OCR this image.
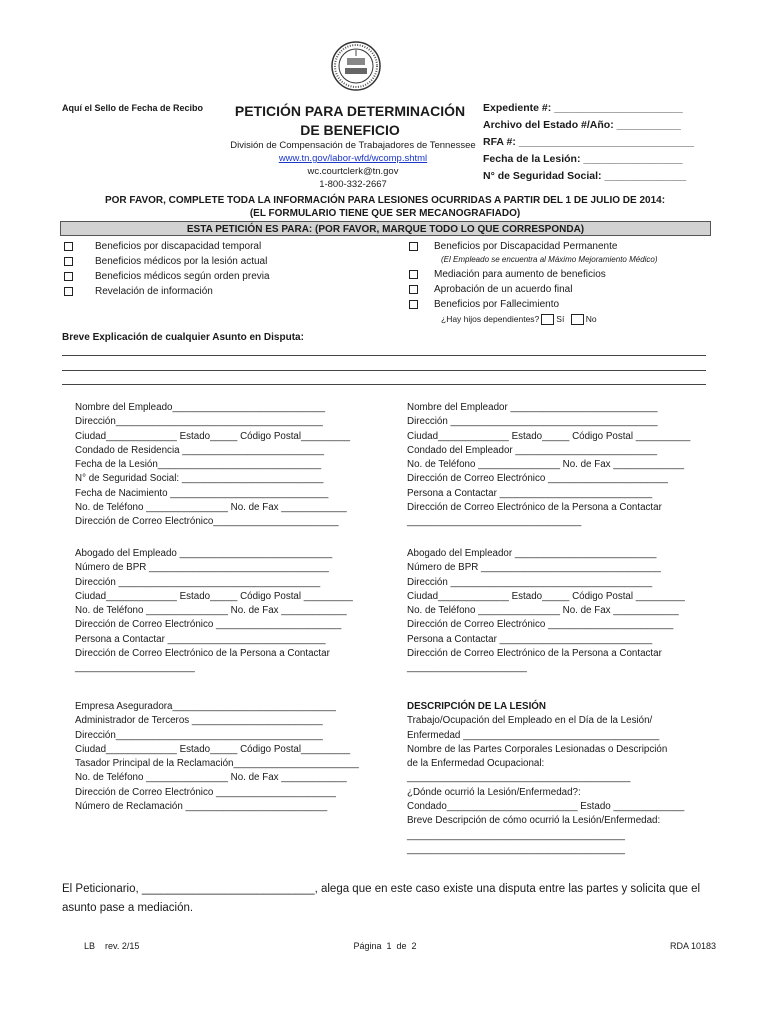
Aquí el Sello de Fecha de Recibo	PETICIÓN PARA DETERMINACIÓN DE BENEFICIO
División de Compensación de Trabajadores de Tennessee
www.tn.gov/labor-wfd/wcomp.shtml
wc.courtclerk@tn.gov
1-800-332-2667
Expediente #: ______________________
Archivo del Estado #/Año: ___________
RFA #: ______________________________
Fecha de la Lesión: _________________
N° de Seguridad Social: ______________
POR FAVOR, COMPLETE TODA LA INFORMACIÓN PARA LESIONES OCURRIDAS A PARTIR DEL 1 DE JULIO DE 2014:
(EL FORMULARIO TIENE QUE SER MECANOGRAFIADO)
ESTA PETICIÓN ES PARA: (POR FAVOR, MARQUE TODO LO QUE CORRESPONDA)
Beneficios por discapacidad temporal
Beneficios médicos por la lesión actual
Beneficios médicos según orden previa
Revelación de información
Beneficios por Discapacidad Permanente
(El Empleado se encuentra al Máximo Mejoramiento Médico)
Mediación para aumento de beneficios
Aprobación de un acuerdo final
Beneficios por Fallecimiento
¿Hay hijos dependientes? Sí	No
Breve Explicación de cualquier Asunto en Disputa:
Nombre del Empleado____________________________
Dirección______________________________________
Ciudad_____________ Estado_____ Código Postal_________
Condado de Residencia __________________________
Fecha de la Lesión______________________________
N° de Seguridad Social: __________________________
Fecha de Nacimiento _____________________________
No. de Teléfono _______________ No. de Fax ____________
Dirección de Correo Electrónico_______________________
Nombre del Empleador ___________________________
Dirección ______________________________________
Ciudad_____________ Estado_____ Código Postal __________
Condado del Empleador __________________________
No. de Teléfono _______________ No. de Fax _____________
Dirección de Correo Electrónico ______________________
Persona a Contactar ____________________________
Dirección de Correo Electrónico de la Persona a Contactar
________________________________
Abogado del Empleado ____________________________
Número de BPR _________________________________
Dirección _____________________________________
Ciudad_____________ Estado_____ Código Postal _________
No. de Teléfono _______________ No. de Fax ____________
Dirección de Correo Electrónico _______________________
Persona a Contactar _____________________________
Dirección de Correo Electrónico de la Persona a Contactar
______________________
Abogado del Empleador __________________________
Número de BPR _________________________________
Dirección _____________________________________
Ciudad_____________ Estado_____ Código Postal _________
No. de Teléfono _______________ No. de Fax ____________
Dirección de Correo Electrónico _______________________
Persona a Contactar ____________________________
Dirección de Correo Electrónico de la Persona a Contactar
______________________
Empresa Aseguradora______________________________
Administrador de Terceros ________________________
Dirección______________________________________
Ciudad_____________ Estado_____ Código Postal_________
Tasador Principal de la Reclamación_______________________
No. de Teléfono _______________ No. de Fax ____________
Dirección de Correo Electrónico ______________________
Número de Reclamación __________________________
DESCRIPCIÓN DE LA LESIÓN
Trabajo/Ocupación del Empleado en el Día de la Lesión/
Enfermedad ____________________________________
Nombre de las Partes Corporales Lesionadas o Descripción
de la Enfermedad Ocupacional:
_________________________________________
¿Dónde ocurrió la Lesión/Enfermedad?:
Condado________________________ Estado _____________
Breve Descripción de cómo ocurrió la Lesión/Enfermedad:
________________________________________
________________________________________
El Peticionario, ___________________________, alega que en este caso existe una disputa entre las partes y solicita que el
asunto pase a mediación.
LB    rev. 2/15	Página  1  de  2	RDA 10183
